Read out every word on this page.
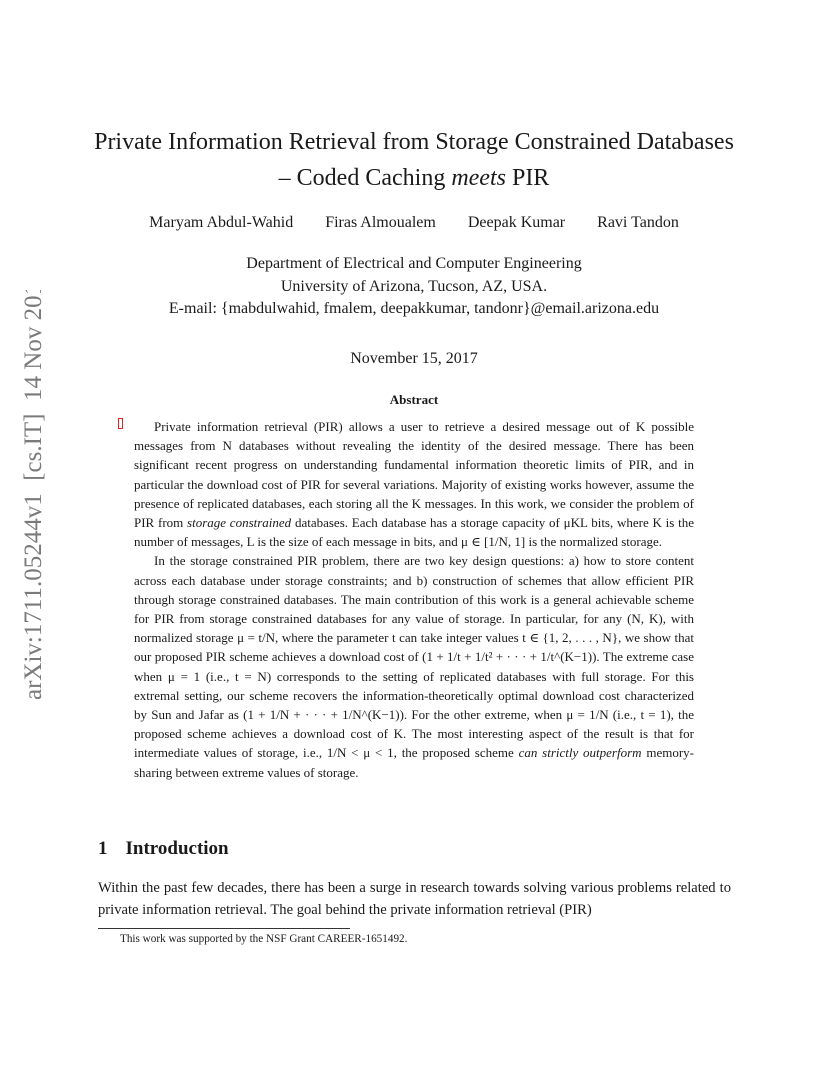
arXiv:1711.05244v1  [cs.IT]  14 Nov 2017
Private Information Retrieval from Storage Constrained Databases
– Coded Caching meets PIR
Maryam Abdul-Wahid Firas Almoualem Deepak Kumar Ravi Tandon
Department of Electrical and Computer Engineering
University of Arizona, Tucson, AZ, USA.
E-mail: {mabdulwahid, fmalem, deepakkumar, tandonr}@email.arizona.edu
November 15, 2017
Abstract

Private information retrieval (PIR) allows a user to retrieve a desired message out of K possible messages from N databases without revealing the identity of the desired message. There has been significant recent progress on understanding fundamental information theoretic limits of PIR, and in particular the download cost of PIR for several variations. Majority of existing works however, assume the presence of replicated databases, each storing all the K messages. In this work, we consider the problem of PIR from storage constrained databases. Each database has a storage capacity of μKL bits, where K is the number of messages, L is the size of each message in bits, and μ ∈ [1/N, 1] is the normalized storage.

In the storage constrained PIR problem, there are two key design questions: a) how to store content across each database under storage constraints; and b) construction of schemes that allow efficient PIR through storage constrained databases. The main contribution of this work is a general achievable scheme for PIR from storage constrained databases for any value of storage. In particular, for any (N, K), with normalized storage μ = t/N, where the parameter t can take integer values t ∈ {1, 2, . . . , N}, we show that our proposed PIR scheme achieves a download cost of (1 + 1/t + 1/t² + · · · + 1/t^(K−1)). The extreme case when μ = 1 (i.e., t = N) corresponds to the setting of replicated databases with full storage. For this extremal setting, our scheme recovers the information-theoretically optimal download cost characterized by Sun and Jafar as (1 + 1/N + · · · + 1/N^(K−1)). For the other extreme, when μ = 1/N (i.e., t = 1), the proposed scheme achieves a download cost of K. The most interesting aspect of the result is that for intermediate values of storage, i.e., 1/N < μ < 1, the proposed scheme can strictly outperform memory-sharing between extreme values of storage.

1 Introduction
Within the past few decades, there has been a surge in research towards solving various problems related to private information retrieval. The goal behind the private information retrieval (PIR)
This work was supported by the NSF Grant CAREER-1651492.
